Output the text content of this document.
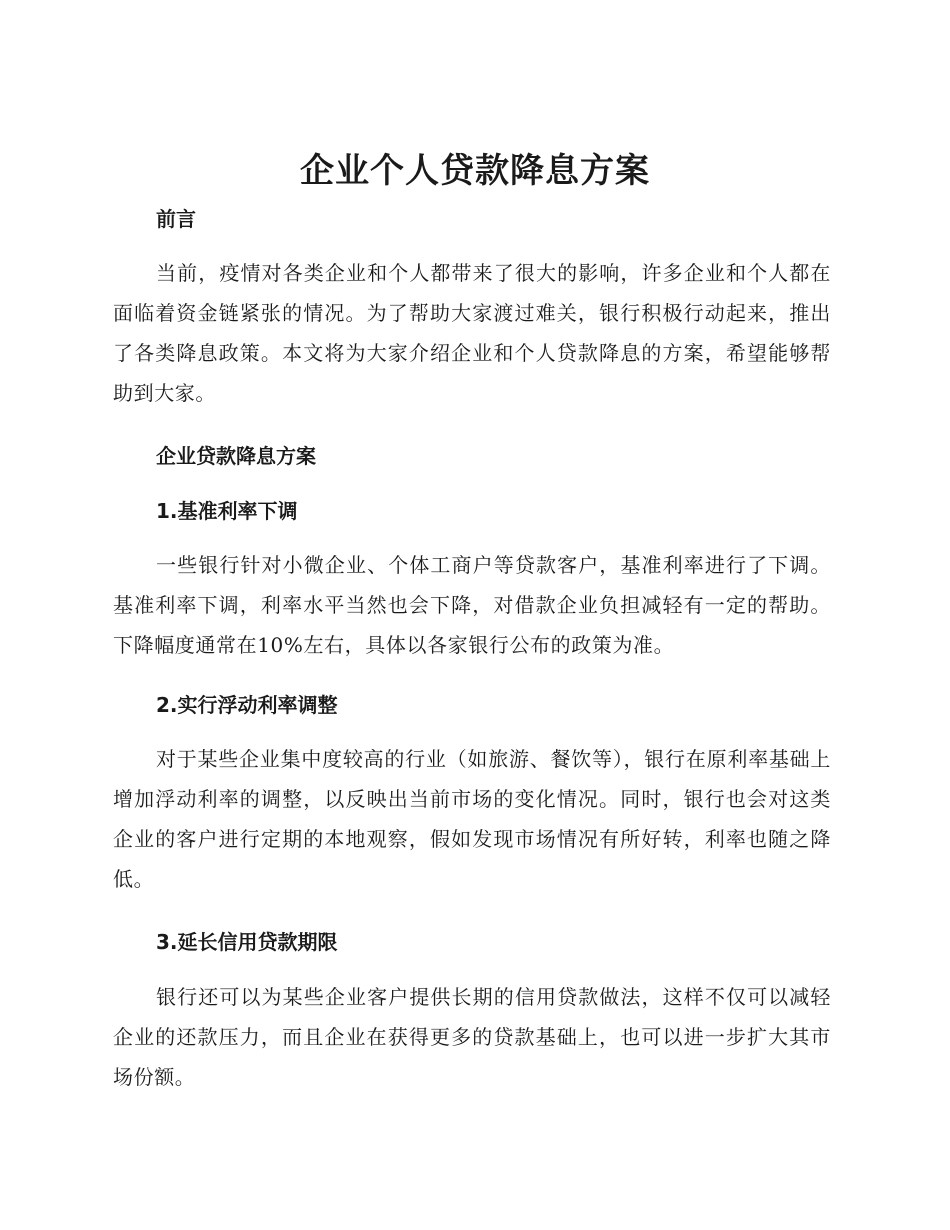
企业个人贷款降息方案
前言

当前，疫情对各类企业和个人都带来了很大的影响，许多企业和个人都在面临着资金链紧张的情况。为了帮助大家渡过难关，银行积极行动起来，推出了各类降息政策。本文将为大家介绍企业和个人贷款降息的方案，希望能够帮助到大家。

企业贷款降息方案
1.基准利率下调

一些银行针对小微企业、个体工商户等贷款客户，基准利率进行了下调。基准利率下调，利率水平当然也会下降，对借款企业负担减轻有一定的帮助。下降幅度通常在10%左右，具体以各家银行公布的政策为准。

2.实行浮动利率调整

对于某些企业集中度较高的行业（如旅游、餐饮等），银行在原利率基础上增加浮动利率的调整，以反映出当前市场的变化情况。同时，银行也会对这类企业的客户进行定期的本地观察，假如发现市场情况有所好转，利率也随之降低。

3.延长信用贷款期限

银行还可以为某些企业客户提供长期的信用贷款做法，这样不仅可以减轻企业的还款压力，而且企业在获得更多的贷款基础上，也可以进一步扩大其市场份额。
